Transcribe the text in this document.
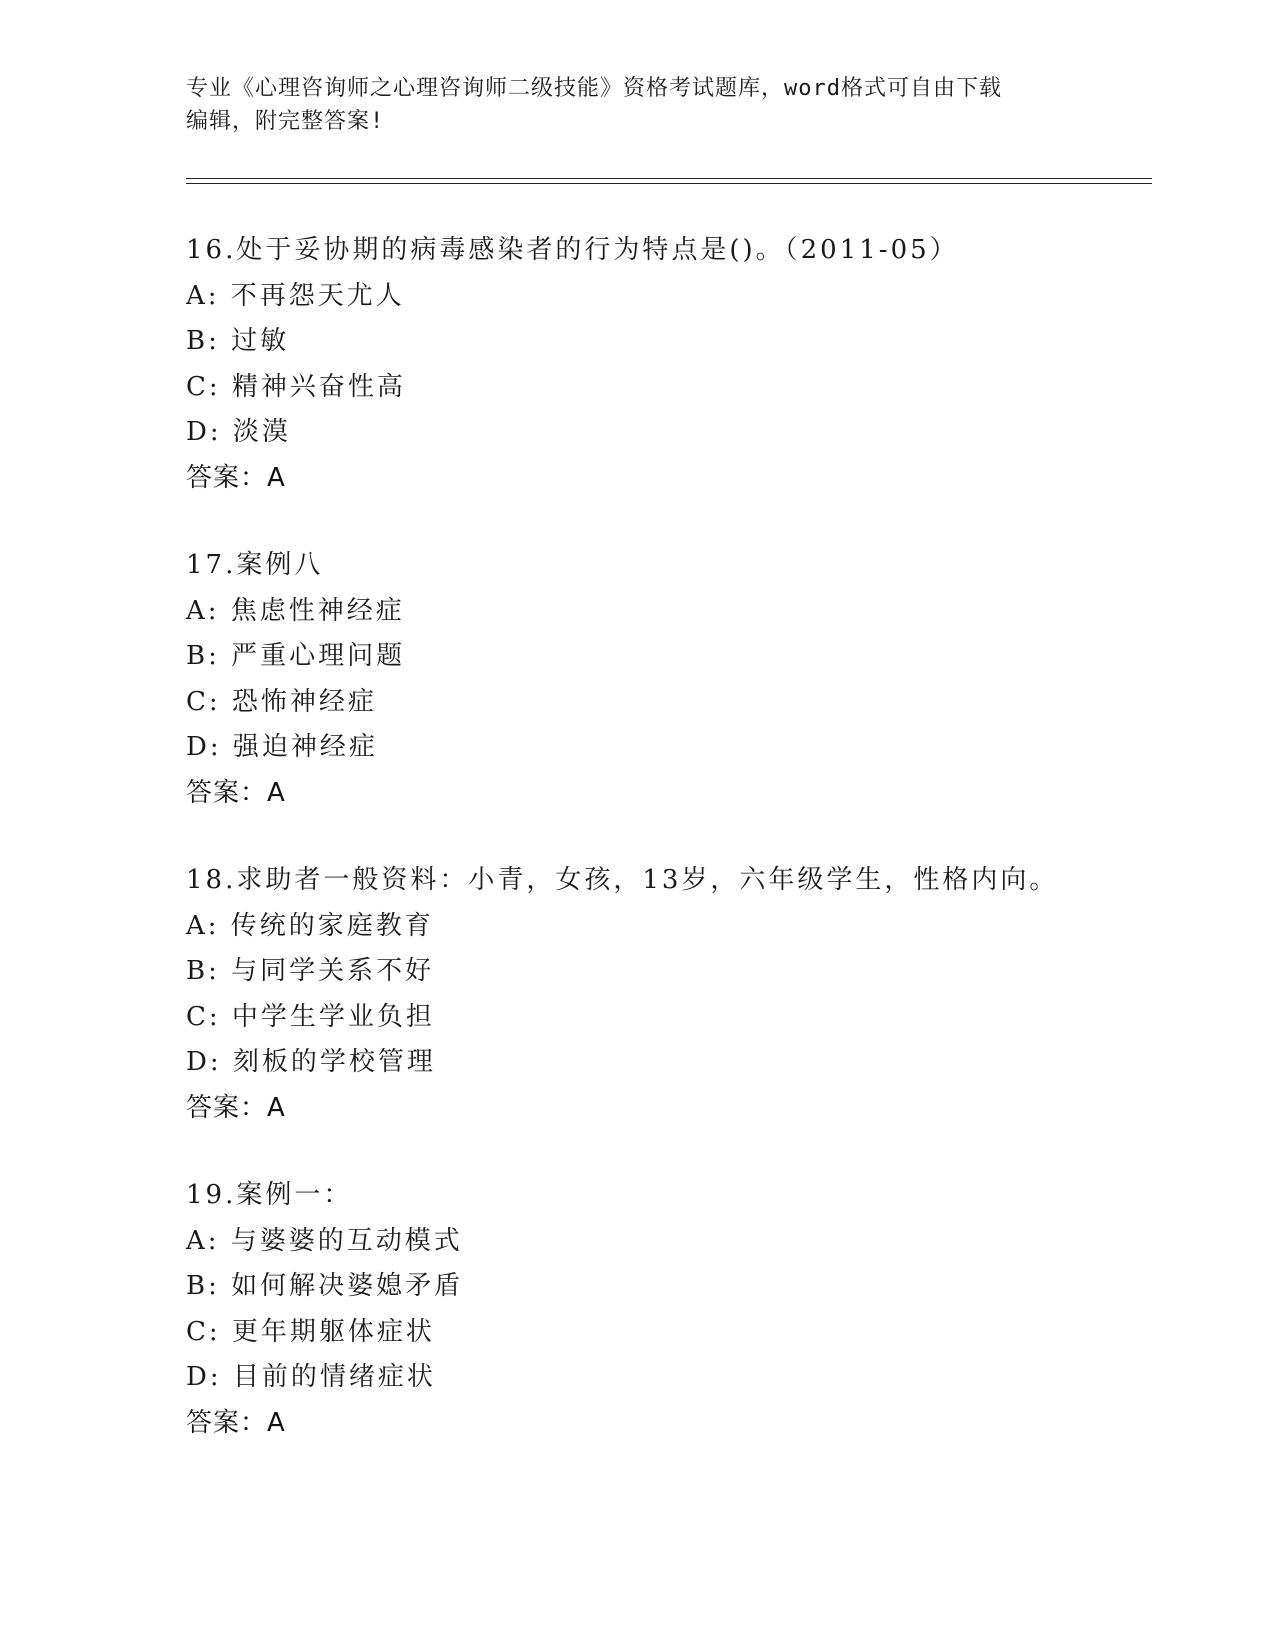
专业《心理咨询师之心理咨询师二级技能》资格考试题库，word格式可自由下载
编辑，附完整答案!
16.处于妥协期的病毒感染者的行为特点是()。（2011-05）
A: 不再怨天尤人
B: 过敏
C: 精神兴奋性高
D: 淡漠
答案：A
17.案例八
A: 焦虑性神经症
B: 严重心理问题
C: 恐怖神经症
D: 强迫神经症
答案：A
18.求助者一般资料：小青，女孩，13岁，六年级学生，性格内向。
A: 传统的家庭教育
B: 与同学关系不好
C: 中学生学业负担
D: 刻板的学校管理
答案：A
19.案例一：
A: 与婆婆的互动模式
B: 如何解决婆媳矛盾
C: 更年期躯体症状
D: 目前的情绪症状
答案：A
